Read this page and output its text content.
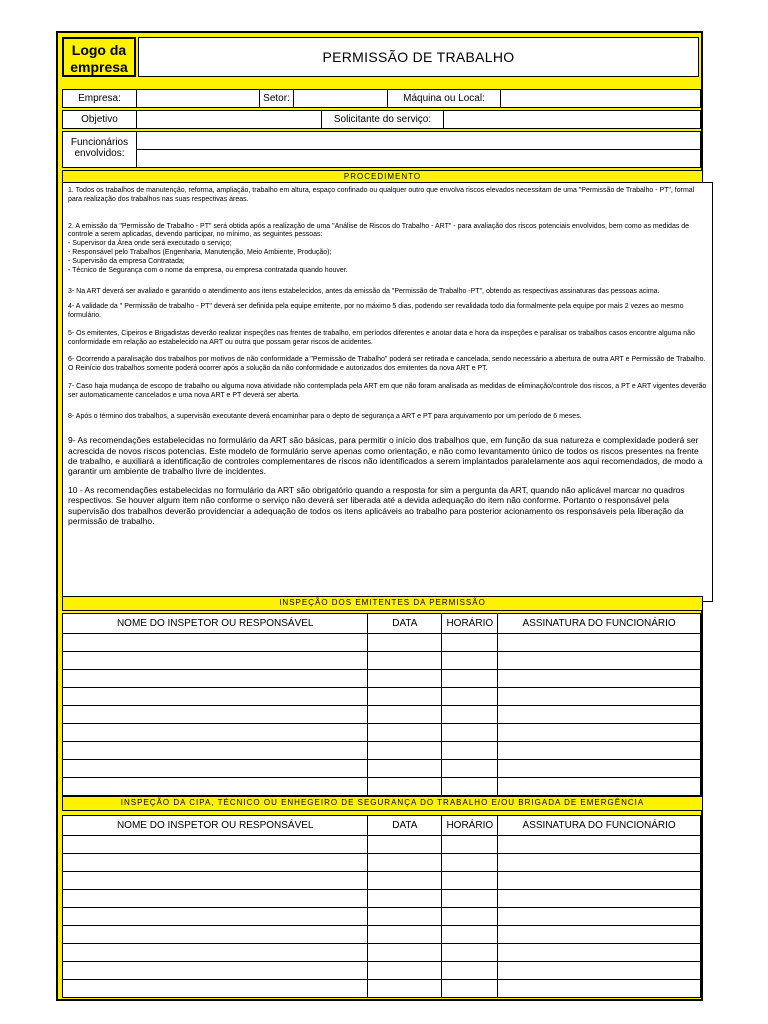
Logo da
empresa
PERMISSÃO DE TRABALHO
Empresa:	Setor:	Máquina ou Local:
Objetivo	Solicitante do serviço:
Funcionários
envolvidos:
PROCEDIMENTO

1. Todos os trabalhos de manutenção, reforma, ampliação, trabalho em altura, espaço confinado ou qualquer outro que envolva riscos elevados necessitam de uma "Permissão de Trabalho - PT", formal para realização dos trabalhos nas suas respectivas áreas.

2. A emissão da "Permissão de Trabalho - PT" será obtida após a realização de uma "Análise de Riscos do Trabalho - ART" - para avaliação dos riscos potenciais envolvidos, bem como as medidas de controle a serem aplicadas, devendo participar, no mínimo, as seguintes pessoas:
- Supervisor da Área onde será executado o serviço;
- Responsável pelo Trabalhos (Engenharia, Manutenção, Meio Ambiente, Produção);
- Supervisão da empresa Contratada;
- Técnico de Segurança com o nome da empresa, ou empresa contratada quando houver.

3- Na ART deverá ser avaliado e garantido o atendimento aos itens estabelecidos, antes da emissão da "Permissão de Trabalho -PT", obtendo as respectivas assinaturas das pessoas acima.

4- A validade da " Permissão de trabalho - PT" deverá ser definida pela equipe emitente, por no máximo 5 dias, podendo ser revalidada todo dia formalmente pela equipe por mais 2 vezes ao mesmo formulário.

5- Os emitentes, Cipeiros e Brigadistas deverão realizar inspeções nas frentes de trabalho, em períodos diferentes e anotar data e hora da inspeções e paralisar os trabalhos casos encontre alguma não conformidade em relação ao estabelecido na ART ou outra que possam gerar riscos de acidentes.

6- Ocorrendo a paralisação dos trabalhos por motivos de não conformidade a "Permissão de Trabalho" poderá ser retirada e cancelada, sendo necessário a abertura de outra ART e Permissão de Trabalho. O Reinício dos trabalhos somente poderá ocorrer após a solução da não conformidade e autorizados dos emitentes da nova ART e PT.

7- Caso haja mudança de escopo de trabalho ou alguma nova atividade não contemplada pela ART em que não foram analisada as medidas de eliminação/controle dos riscos, a PT e ART vigentes deverão ser automaticamente cancelados e uma nova ART e PT deverá ser aberta.

8- Após o término dos trabalhos, a supervisão executante deverá encaminhar para o depto de segurança a ART e PT para arquivamento por um período de 6 meses.

9- As recomendações estabelecidas no formulário da ART são básicas, para permitir o início dos trabalhos que, em função da sua natureza e complexidade poderá ser acrescida de novos riscos potencias. Este modelo de formulário serve apenas como orientação, e não como levantamento único de todos os riscos presentes na frente de trabalho, e auxiliará a identificação de controles complementares de riscos não identificados a serem implantados paralelamente aos aqui recomendados, de modo a garantir um ambiente de trabalho livre de incidentes.

10 - As recomendações estabelecidas no formulário da ART são obrigatório quando a resposta for sim a pergunta da ART, quando não aplicável marcar no quadros respectivos. Se houver algum item não conforme o serviço não deverá ser liberada até a devida adequação do item não conforme. Portanto o responsável pela supervisão dos trabalhos deverão providenciar a adequação de todos os itens aplicáveis ao trabalho para posterior acionamento os responsáveis pela liberação da permissão de trabalho.

INSPEÇÃO DOS EMITENTES DA PERMISSÃO
NOME DO INSPETOR OU RESPONSÁVEL	DATA	HORÁRIO	ASSINATURA DO FUNCIONÁRIO

INSPEÇÃO DA CIPA, TÉCNICO OU ENHEGEIRO DE SEGURANÇA DO TRABALHO E/OU BRIGADA DE EMERGÊNCIA
NOME DO INSPETOR OU RESPONSÁVEL	DATA	HORÁRIO	ASSINATURA DO FUNCIONÁRIO
